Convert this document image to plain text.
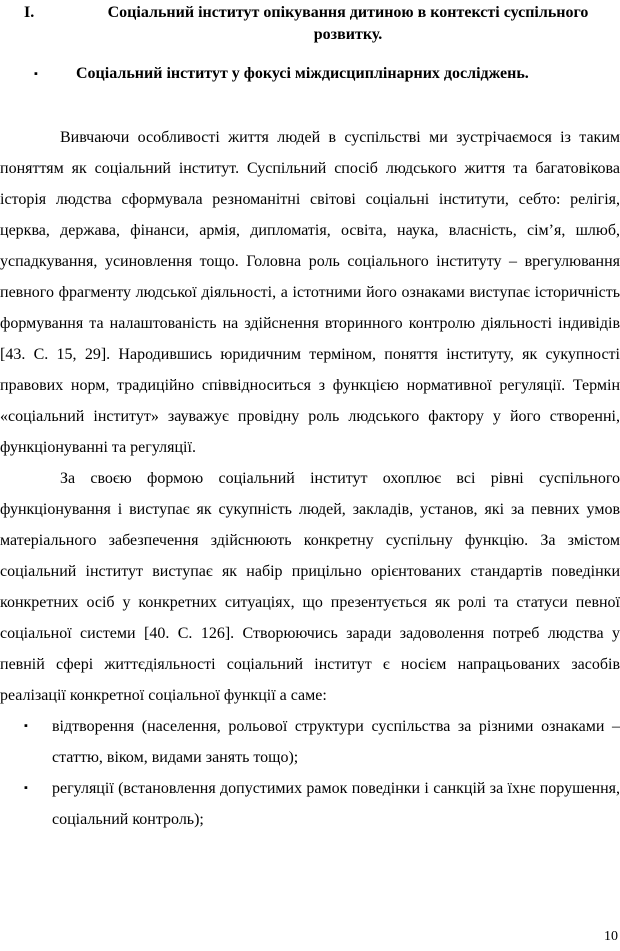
I.	Соціальний інститут опікування дитиною в контексті суспільного розвитку.
▪ Соціальний інститут у фокусі міждисциплінарних досліджень.

Вивчаючи особливості життя людей в суспільстві ми зустрічаємося із таким поняттям як соціальний інститут. Суспільний спосіб людського життя та багатовікова історія людства сформувала резноманітні світові соціальні інститути, себто: релігія, церква, держава, фінанси, армія, дипломатія, освіта, наука, власність, сім’я, шлюб, успадкування, усиновлення тощо. Головна роль соціального інституту – врегулювання певного фрагменту людської діяльності, а істотними його ознаками виступає історичність формування та налаштованість на здійснення вторинного контролю діяльності індивідів [43. С. 15, 29]. Народившись юридичним терміном, поняття інституту, як сукупності правових норм, традиційно співвідноситься з функцією нормативної регуляції. Термін «соціальний інститут» зауважує провідну роль людського фактору у його створенні, функціонуванні та регуляції.

За своєю формою соціальний інститут охоплює всі рівні суспільного функціонування і виступає як сукупність людей, закладів, установ, які за певних умов матеріального забезпечення здійснюють конкретну суспільну функцію. За змістом соціальний інститут виступає як набір прицільно орієнтованих стандартів поведінки конкретних осіб у конкретних ситуаціях, що презентується як ролі та статуси певної соціальної системи [40. С. 126]. Створюючись заради задоволення потреб людства у певній сфері життєдіяльності соціальний інститут є носієм напрацьованих засобів реалізації конкретної соціальної функції а саме:

▪ відтворення (населення, рольової структури суспільства за різними ознаками – статтю, віком, видами занять тощо);
▪ регуляції (встановлення допустимих рамок поведінки і санкцій за їхнє порушення, соціальний контроль);
10
